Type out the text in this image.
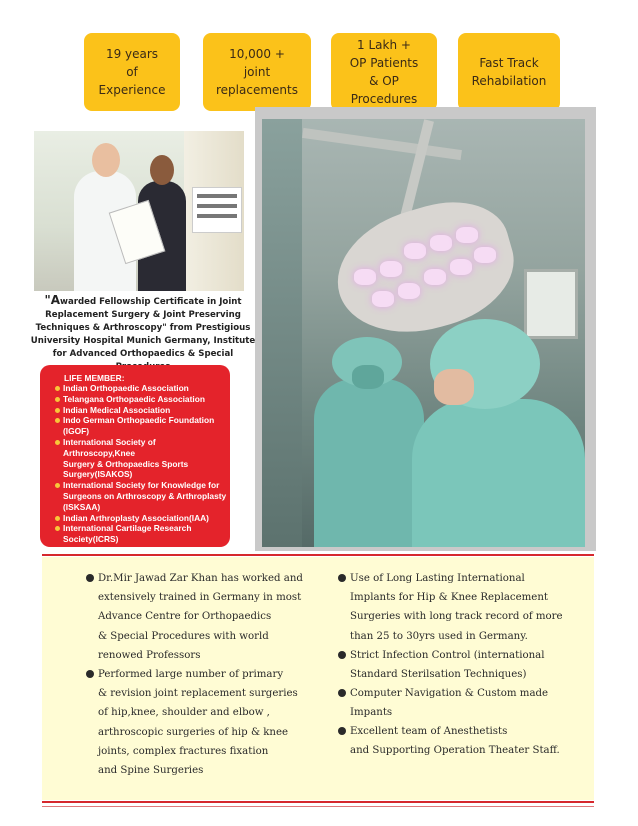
19 years
of
Experience
10,000 +
joint
replacements
1 Lakh +
OP Patients
& OP
Procedures
Fast Track
Rehabilation
"Awarded Fellowship Certificate in Joint Replacement Surgery & Joint Preserving Techniques & Arthroscopy" from Prestigious University Hospital Munich Germany, Institute for Advanced Orthopaedics & Special
LIFE MEMBER:
Indian Orthopaedic Association
Telangana Orthopaedic Association
Indian Medical Association
Indo German Orthopaedic Foundation
(IGOF)
International Society of Arthroscopy,Knee
Surgery & Orthopaedics Sports
Surgery(ISAKOS)
International Society for Knowledge for
Surgeons on Arthroscopy & Arthroplasty
(ISKSAA)
Indian Arthroplasty Association(IAA)
International Cartilage Research
Society(ICRS)
Dr.Mir Jawad Zar Khan has worked and
extensively trained in Germany in most
Advance Centre for Orthopaedics
& Special Procedures with world
renowed Professors
Performed large number of primary
& revision joint replacement surgeries
of hip,knee, shoulder and elbow ,
arthroscopic surgeries of hip & knee
joints, complex fractures fixation
and Spine Surgeries
Use of Long Lasting International
Implants for Hip & Knee Replacement
Surgeries with long track record of more
than 25 to 30yrs used in Germany.
Strict Infection Control (international
Standard Sterilsation Techniques)
Computer Navigation & Custom made
Impants
Excellent team of Anesthetists
and Supporting Operation Theater Staff.
